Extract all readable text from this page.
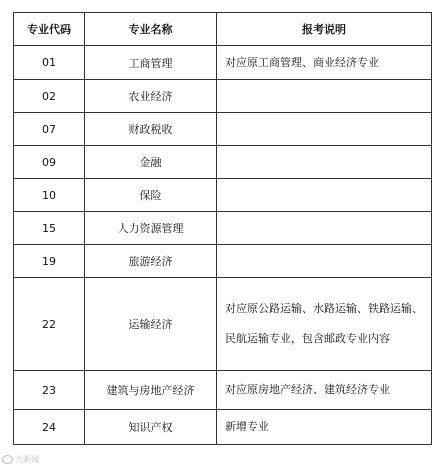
专业代码	专业名称	报考说明
01	工商管理	对应原工商管理、商业经济专业
02	农业经济	
07	财政税收	
09	金融	
10	保险	
15	人力资源管理	
19	旅游经济	
22	运输经济	对应原公路运输、水路运输、铁路运输、民航运输专业，包含邮政专业内容
23	建筑与房地产经济	对应原房地产经济、建筑经济专业
24	知识产权	新增专业
大新闻
